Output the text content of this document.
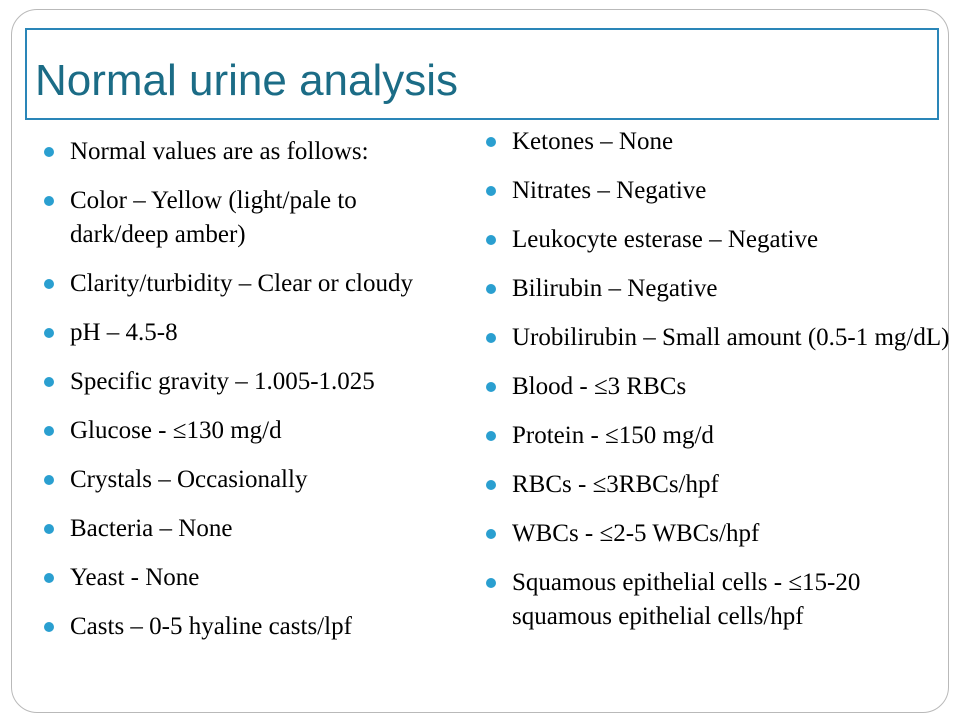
Normal urine analysis
Normal values are as follows:
Color – Yellow (light/pale to dark/deep amber)
Clarity/turbidity – Clear or cloudy
pH – 4.5-8
Specific gravity – 1.005-1.025
Glucose - ≤130 mg/d
Crystals – Occasionally
Bacteria – None
Yeast - None
Casts – 0-5 hyaline casts/lpf
Ketones – None
Nitrates – Negative
Leukocyte esterase – Negative
Bilirubin – Negative
Urobilirubin – Small amount (0.5-1 mg/dL)
Blood - ≤3 RBCs
Protein - ≤150 mg/d
RBCs - ≤3RBCs/hpf
WBCs - ≤2-5 WBCs/hpf
Squamous epithelial cells - ≤15-20 squamous epithelial cells/hpf
